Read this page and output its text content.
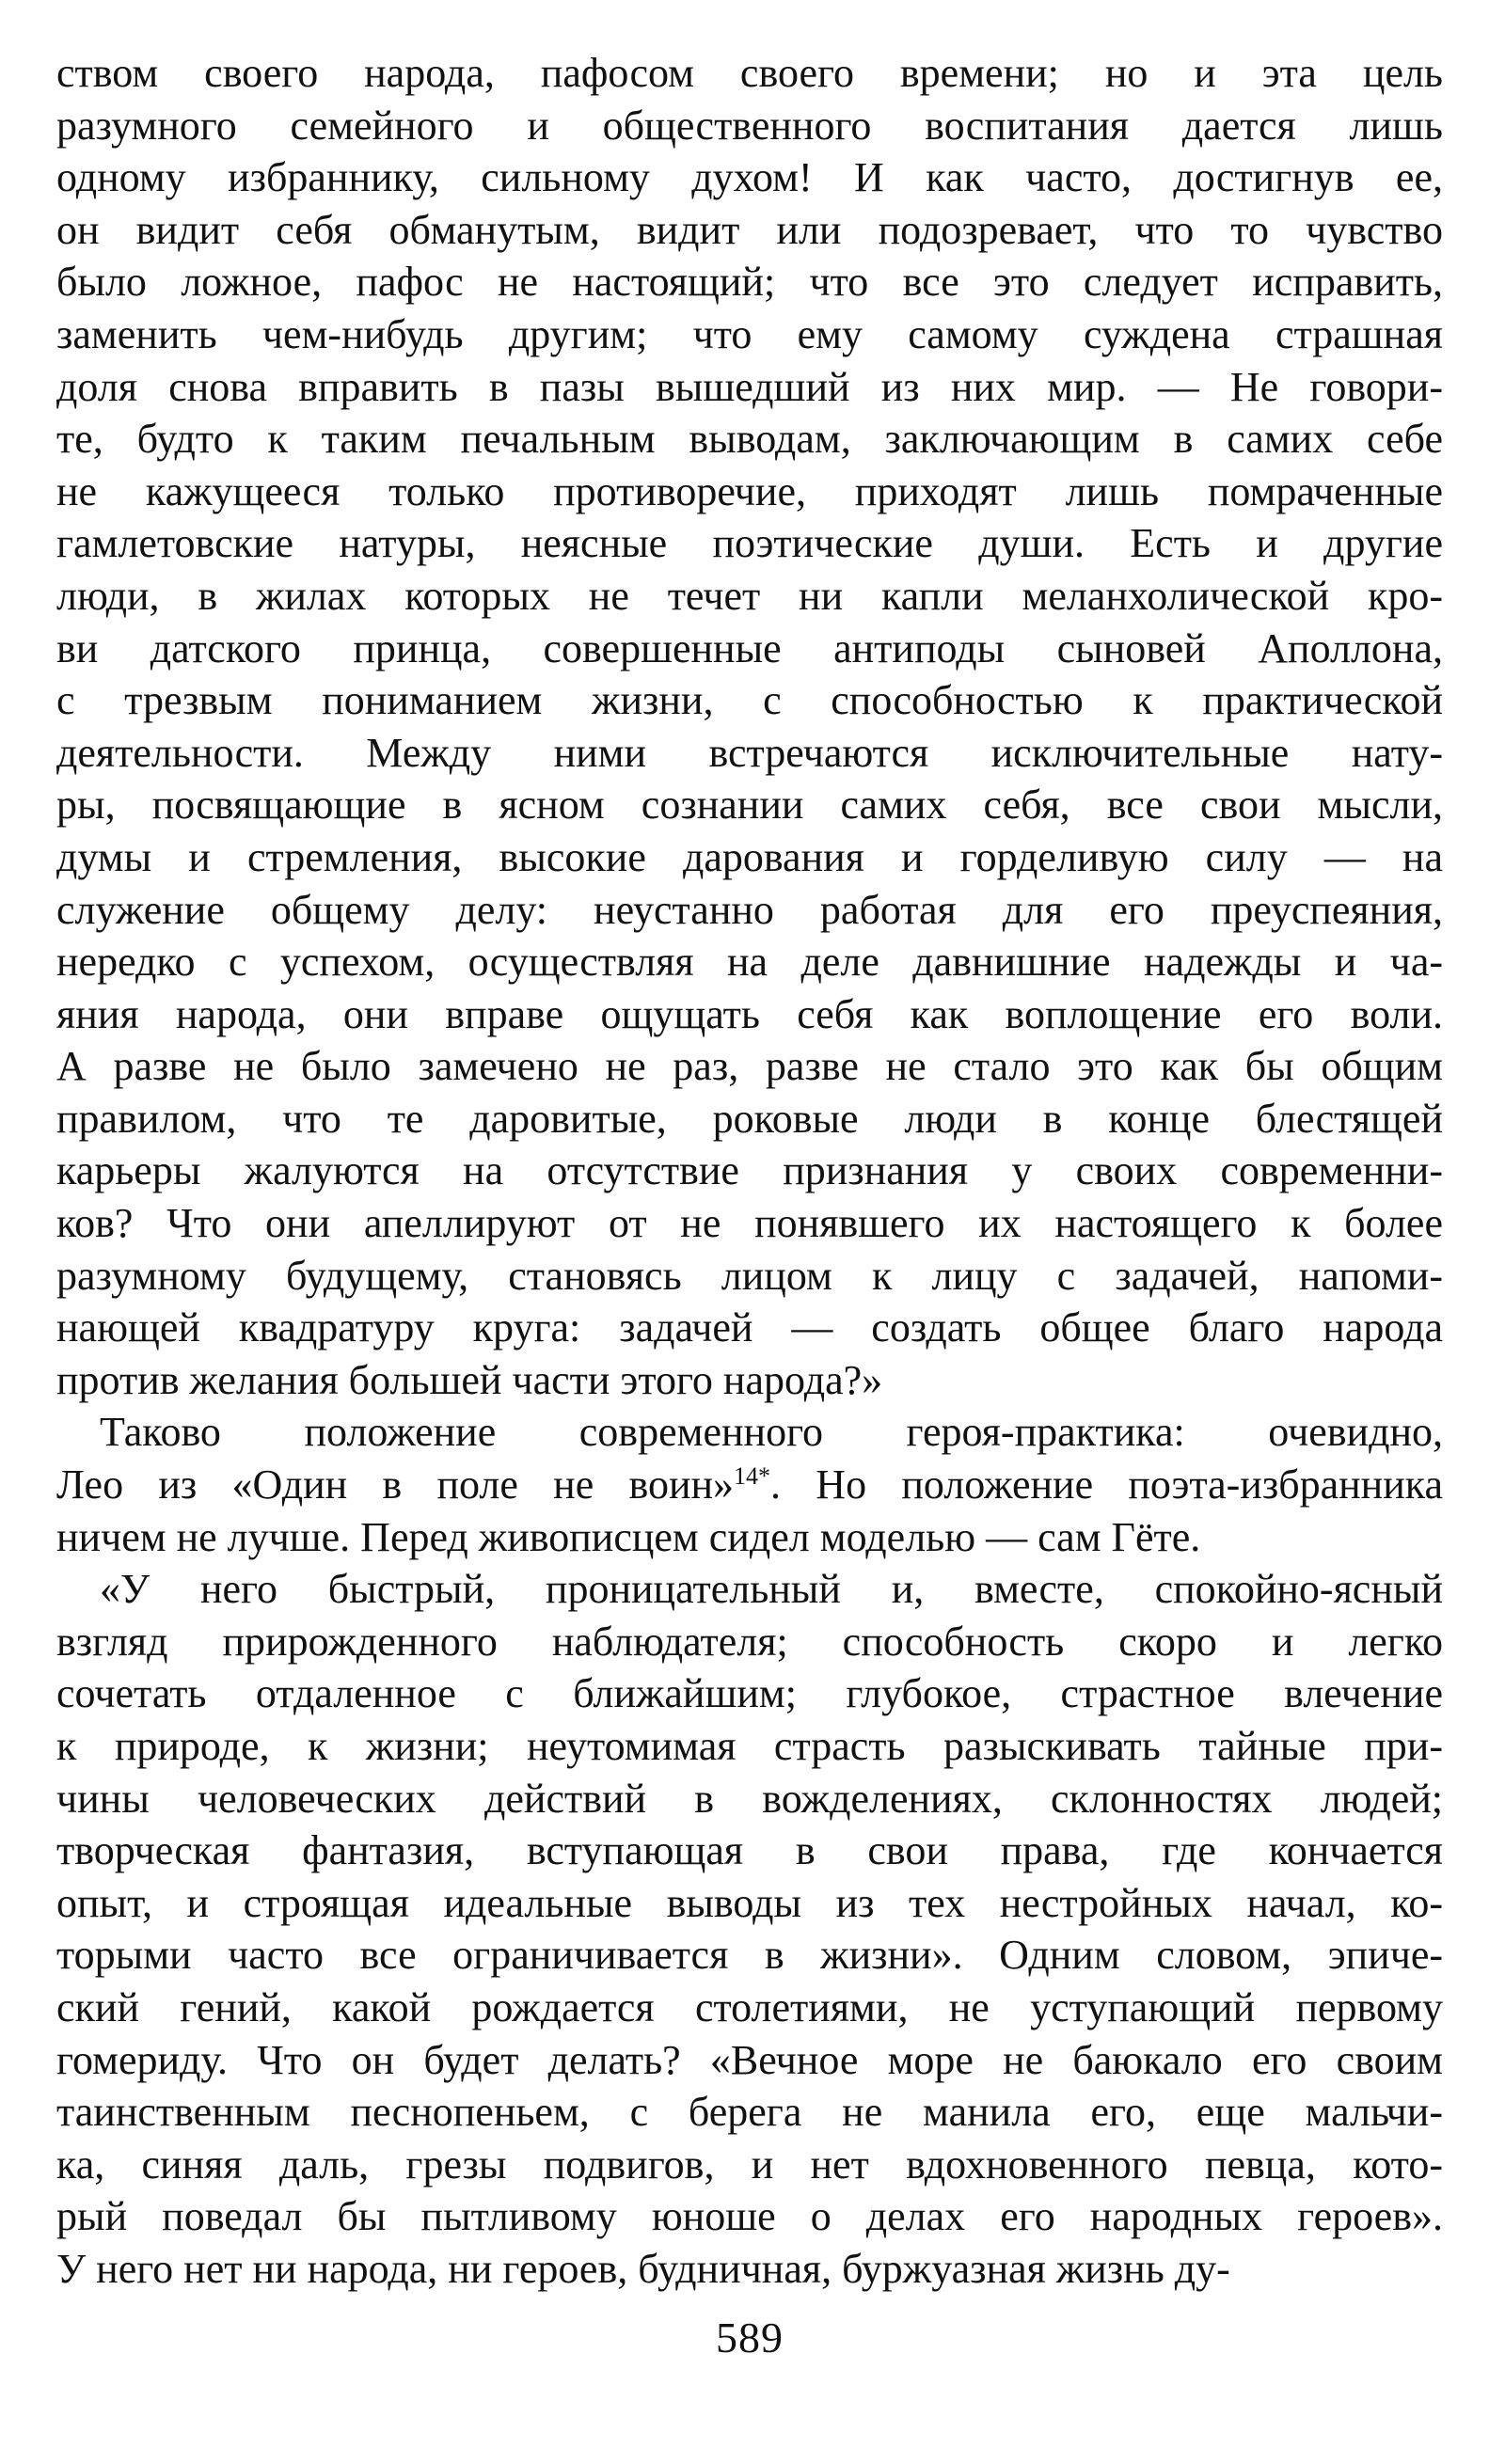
ством своего народа, пафосом своего времени; но и эта цель
разумного семейного и общественного воспитания дается лишь
одному избраннику, сильному духом! И как часто, достигнув ее,
он видит себя обманутым, видит или подозревает, что то чувство
было ложное, пафос не настоящий; что все это следует исправить,
заменить чем-нибудь другим; что ему самому суждена страшная
доля снова вправить в пазы вышедший из них мир. — Не говори-
те, будто к таким печальным выводам, заключающим в самих себе
не кажущееся только противоречие, приходят лишь помраченные
гамлетовские натуры, неясные поэтические души. Есть и другие
люди, в жилах которых не течет ни капли меланхолической кро-
ви датского принца, совершенные антиподы сыновей Аполлона,
с трезвым пониманием жизни, с способностью к практической
деятельности. Между ними встречаются исключительные нату-
ры, посвящающие в ясном сознании самих себя, все свои мысли,
думы и стремления, высокие дарования и горделивую силу — на
служение общему делу: неустанно работая для его преуспеяния,
нередко с успехом, осуществляя на деле давнишние надежды и ча-
яния народа, они вправе ощущать себя как воплощение его воли.
А разве не было замечено не раз, разве не стало это как бы общим
правилом, что те даровитые, роковые люди в конце блестящей
карьеры жалуются на отсутствие признания у своих современни-
ков? Что они апеллируют от не понявшего их настоящего к более
разумному будущему, становясь лицом к лицу с задачей, напоми-
нающей квадратуру круга: задачей — создать общее благо народа
против желания большей части этого народа?»
Таково положение современного героя-практика: очевидно,
Лео из «Один в поле не воин»$^{14*}$. Но положение поэта-избранника
ничем не лучше. Перед живописцем сидел моделью — сам Гёте.
«У него быстрый, проницательный и, вместе, спокойно-ясный
взгляд прирожденного наблюдателя; способность скоро и легко
сочетать отдаленное с ближайшим; глубокое, страстное влечение
к природе, к жизни; неутомимая страсть разыскивать тайные при-
чины человеческих действий в вожделениях, склонностях людей;
творческая фантазия, вступающая в свои права, где кончается
опыт, и строящая идеальные выводы из тех нестройных начал, ко-
торыми часто все ограничивается в жизни». Одним словом, эпиче-
ский гений, какой рождается столетиями, не уступающий первому
гомериду. Что он будет делать? «Вечное море не баюкало его своим
таинственным песнопеньем, с берега не манила его, еще мальчи-
ка, синяя даль, грезы подвигов, и нет вдохновенного певца, кото-
рый поведал бы пытливому юноше о делах его народных героев».
У него нет ни народа, ни героев, будничная, буржуазная жизнь ду-
589
